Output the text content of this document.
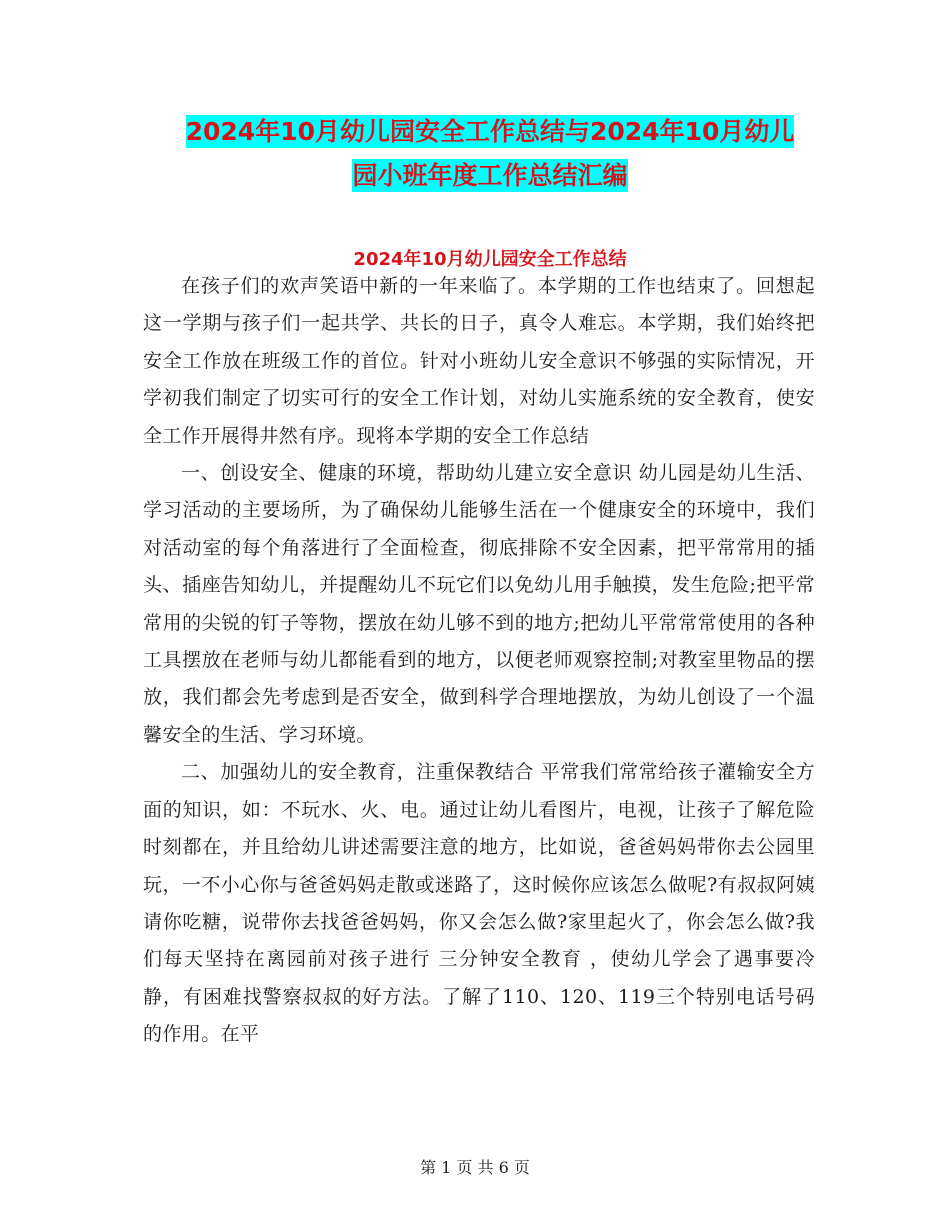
2024年10月幼儿园安全工作总结与2024年10月幼儿
园小班年度工作总结汇编
2024年10月幼儿园安全工作总结

在孩子们的欢声笑语中新的一年来临了。本学期的工作也结束了。回想起这一学期与孩子们一起共学、共长的日子，真令人难忘。本学期，我们始终把安全工作放在班级工作的首位。针对小班幼儿安全意识不够强的实际情况，开学初我们制定了切实可行的安全工作计划，对幼儿实施系统的安全教育，使安全工作开展得井然有序。现将本学期的安全工作总结

一、创设安全、健康的环境，帮助幼儿建立安全意识 幼儿园是幼儿生活、学习活动的主要场所，为了确保幼儿能够生活在一个健康安全的环境中，我们对活动室的每个角落进行了全面检查，彻底排除不安全因素，把平常常用的插头、插座告知幼儿，并提醒幼儿不玩它们以免幼儿用手触摸，发生危险;把平常常用的尖锐的钉子等物，摆放在幼儿够不到的地方;把幼儿平常常常使用的各种工具摆放在老师与幼儿都能看到的地方，以便老师观察控制;对教室里物品的摆放，我们都会先考虑到是否安全，做到科学合理地摆放，为幼儿创设了一个温馨安全的生活、学习环境。

二、加强幼儿的安全教育，注重保教结合 平常我们常常给孩子灌输安全方面的知识，如：不玩水、火、电。通过让幼儿看图片，电视，让孩子了解危险时刻都在，并且给幼儿讲述需要注意的地方，比如说，爸爸妈妈带你去公园里玩，一不小心你与爸爸妈妈走散或迷路了，这时候你应该怎么做呢?有叔叔阿姨请你吃糖，说带你去找爸爸妈妈，你又会怎么做?家里起火了，你会怎么做?我们每天坚持在离园前对孩子进行 三分钟安全教育 ，使幼儿学会了遇事要冷静，有困难找警察叔叔的好方法。了解了110、120、119三个特别电话号码的作用。在平

第 1 页 共 6 页
